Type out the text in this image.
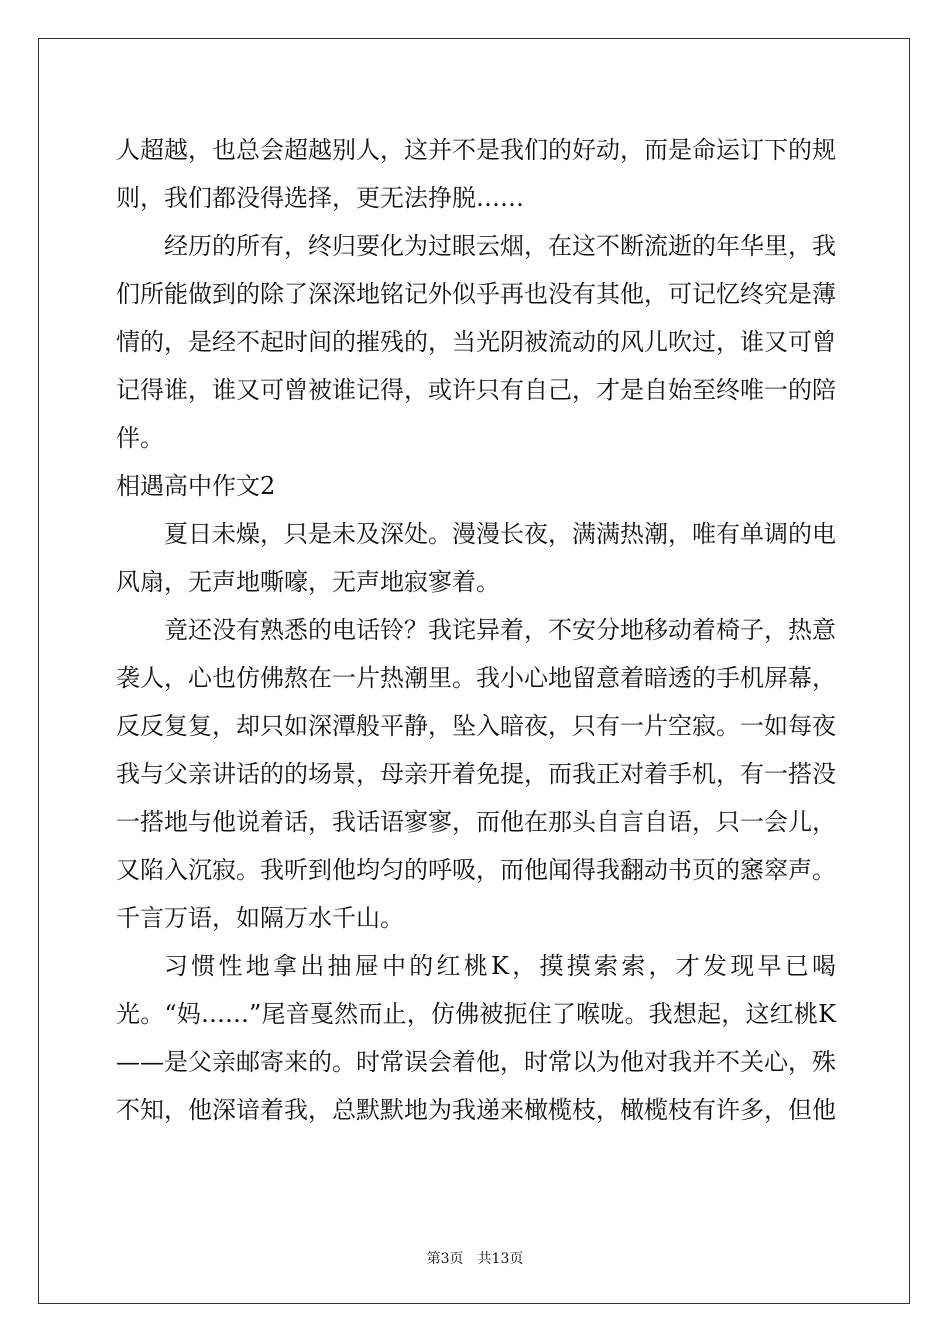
人超越，也总会超越别人，这并不是我们的好动，而是命运订下的规则，我们都没得选择，更无法挣脱……

经历的所有，终归要化为过眼云烟，在这不断流逝的年华里，我们所能做到的除了深深地铭记外似乎再也没有其他，可记忆终究是薄情的，是经不起时间的摧残的，当光阴被流动的风儿吹过，谁又可曾记得谁，谁又可曾被谁记得，或许只有自己，才是自始至终唯一的陪伴。

相遇高中作文2

夏日未燥，只是未及深处。漫漫长夜，满满热潮，唯有单调的电风扇，无声地嘶嚎，无声地寂寥着。

竟还没有熟悉的电话铃？我诧异着，不安分地移动着椅子，热意袭人，心也仿佛熬在一片热潮里。我小心地留意着暗透的手机屏幕，反反复复，却只如深潭般平静，坠入暗夜，只有一片空寂。一如每夜我与父亲讲话的的场景，母亲开着免提，而我正对着手机，有一搭没一搭地与他说着话，我话语寥寥，而他在那头自言自语，只一会儿，又陷入沉寂。我听到他均匀的呼吸，而他闻得我翻动书页的窸窣声。千言万语，如隔万水千山。

习惯性地拿出抽屉中的红桃K，摸摸索索，才发现早已喝光。“妈……”尾音戛然而止，仿佛被扼住了喉咙。我想起，这红桃K——是父亲邮寄来的。时常误会着他，时常以为他对我并不关心，殊不知，他深谙着我，总默默地为我递来橄榄枝，橄榄枝有许多，但他

第3页 共13页
